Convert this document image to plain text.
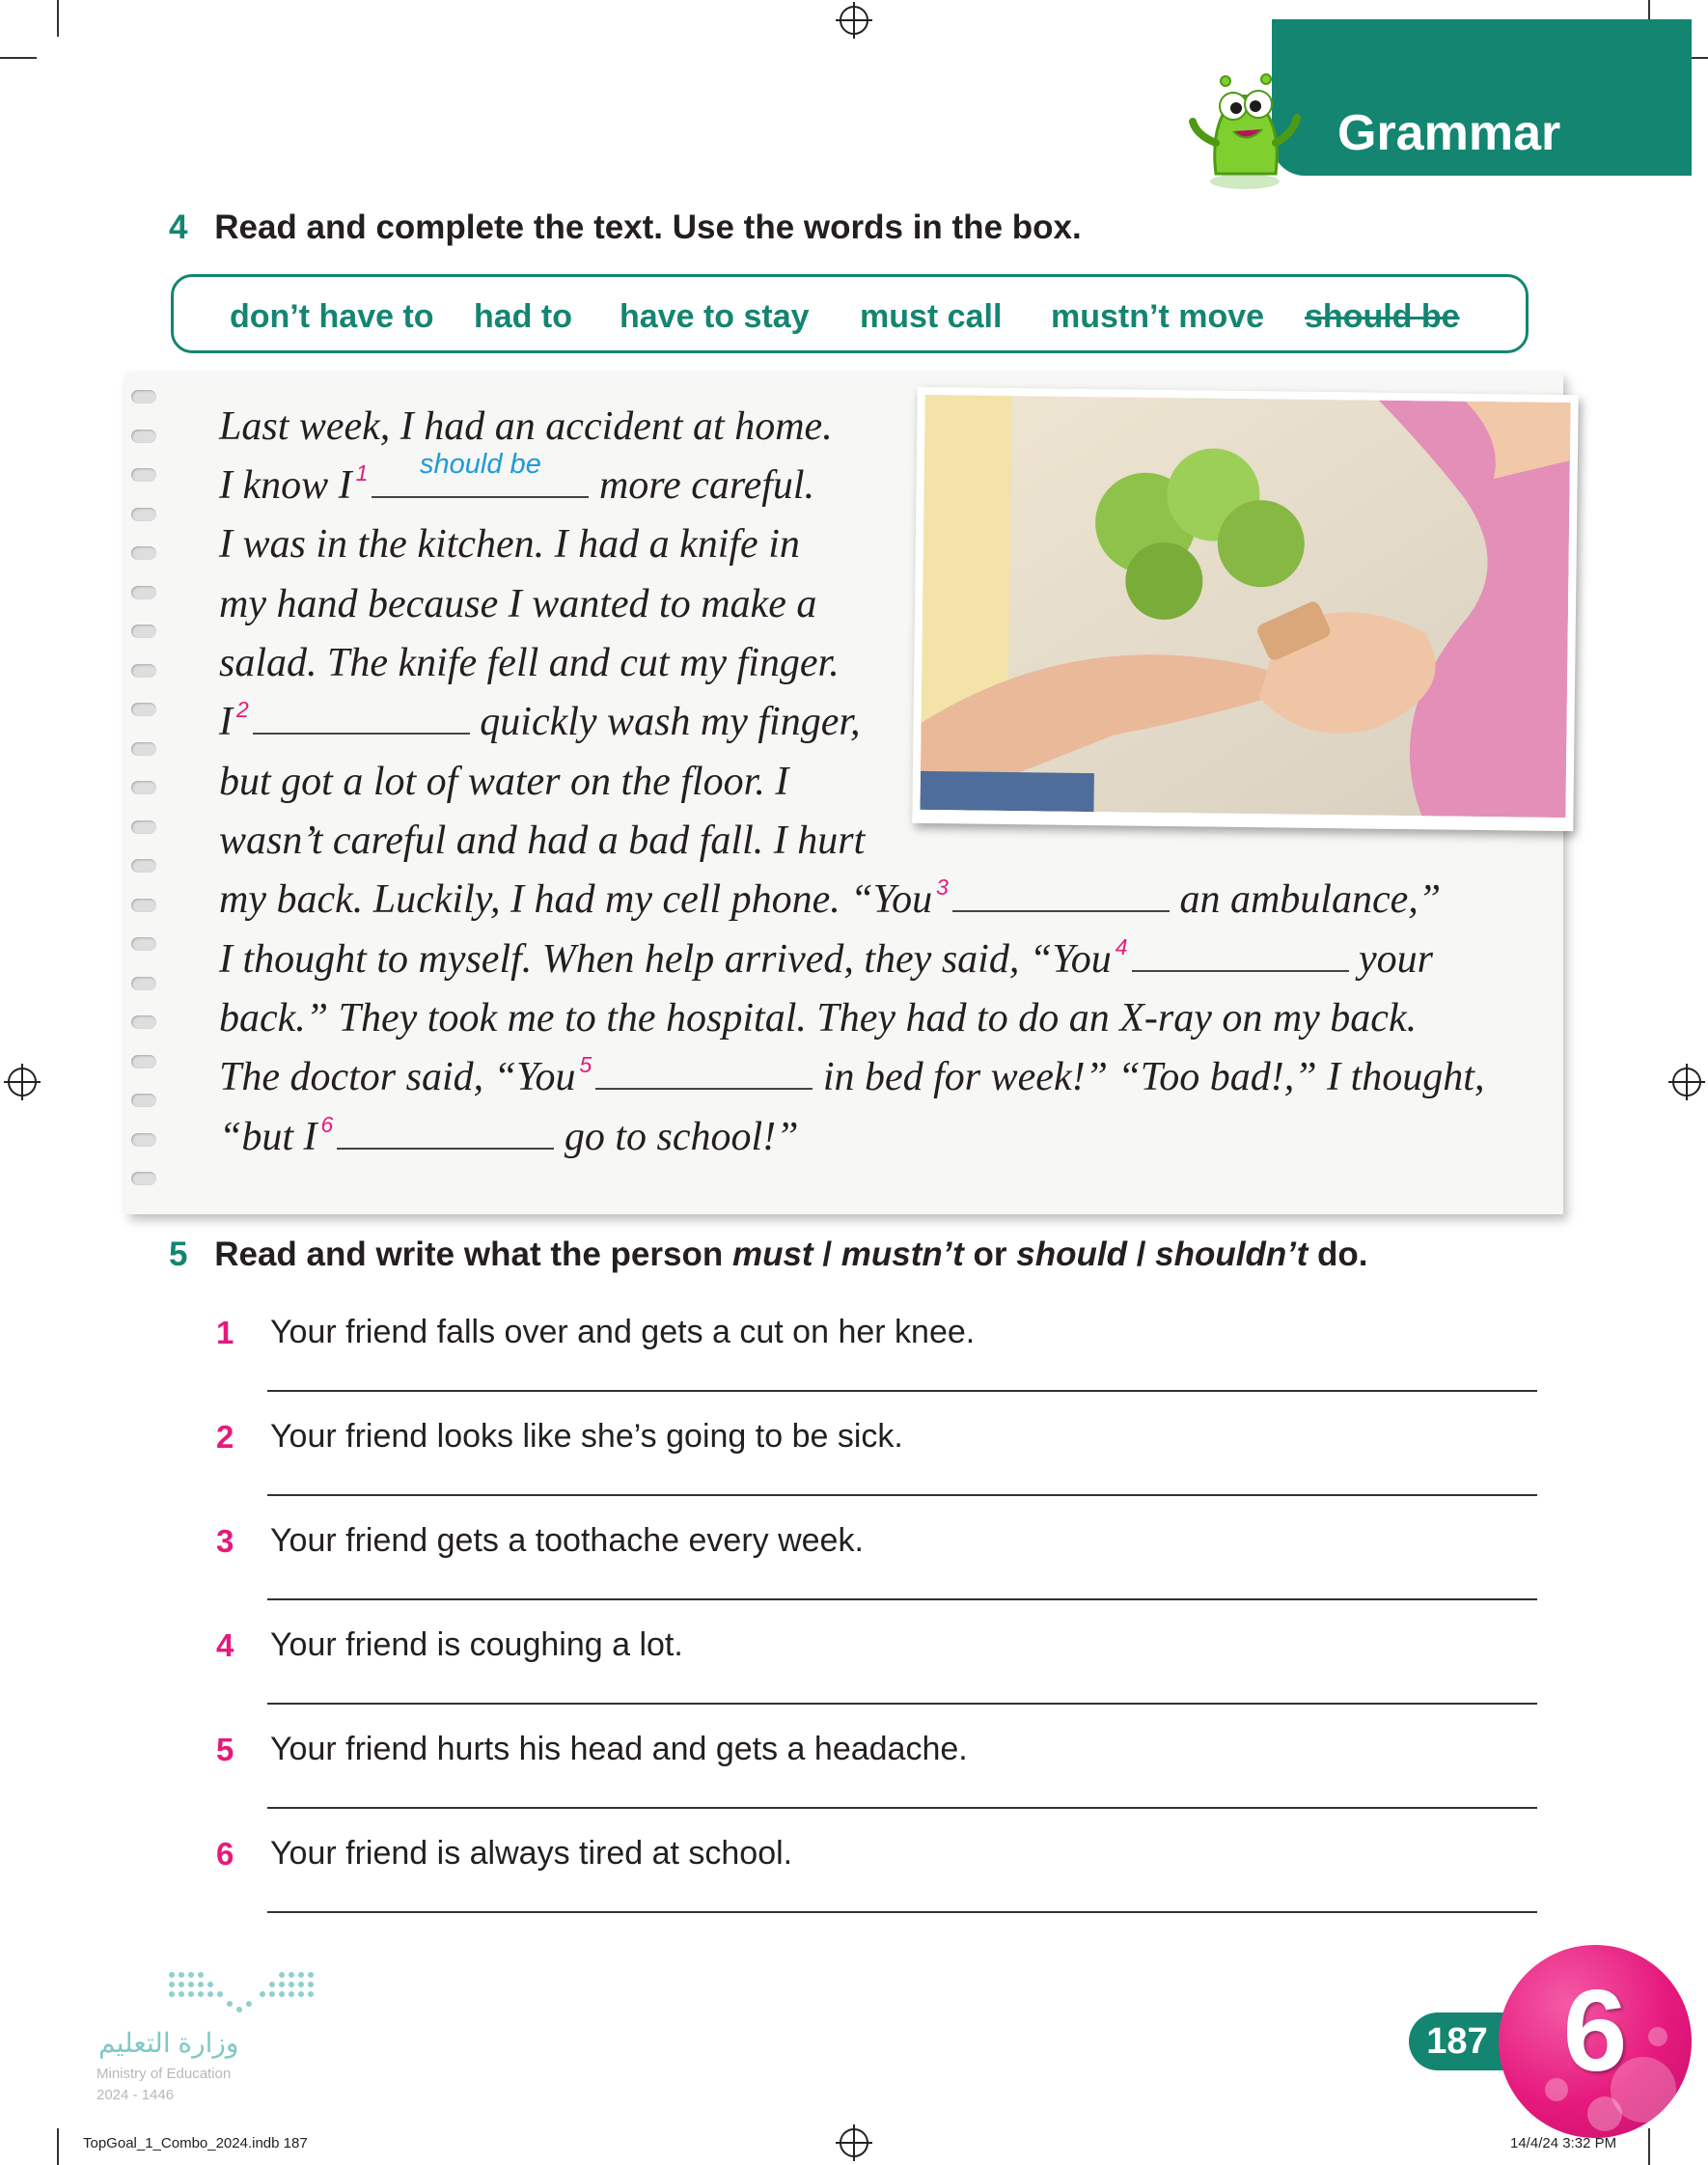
Grammar
4 Read and complete the text. Use the words in the box.
don’t have to had to have to stay must call mustn’t move should be
Last week, I had an accident at home.
I know I $^1$	should be	more careful.
I was in the kitchen. I had a knife in
my hand because I wanted to make a
salad. The knife fell and cut my finger.
I $^2$	quickly wash my finger,
but got a lot of water on the floor. I
wasn’t careful and had a bad fall. I hurt
my back. Luckily, I had my cell phone. “You $^3$	an ambulance,”
I thought to myself. When help arrived, they said, “You $^4$	your
back.” They took me to the hospital. They had to do an X-ray on my back.
The doctor said, “You $^5$	in bed for week!” “Too bad!,” I thought,
“but I $^6$	go to school!”
5 Read and write what the person must / mustn’t or should / shouldn’t do.
1 Your friend falls over and gets a cut on her knee.
2 Your friend looks like she’s going to be sick.
3 Your friend gets a toothache every week.
4 Your friend is coughing a lot.
5 Your friend hurts his head and gets a headache.
6 Your friend is always tired at school.
وزارة التعليم
Ministry of Education
2024 - 1446
187 6
TopGoal_1_Combo_2024.indb 187	14/4/24 3:32 PM
